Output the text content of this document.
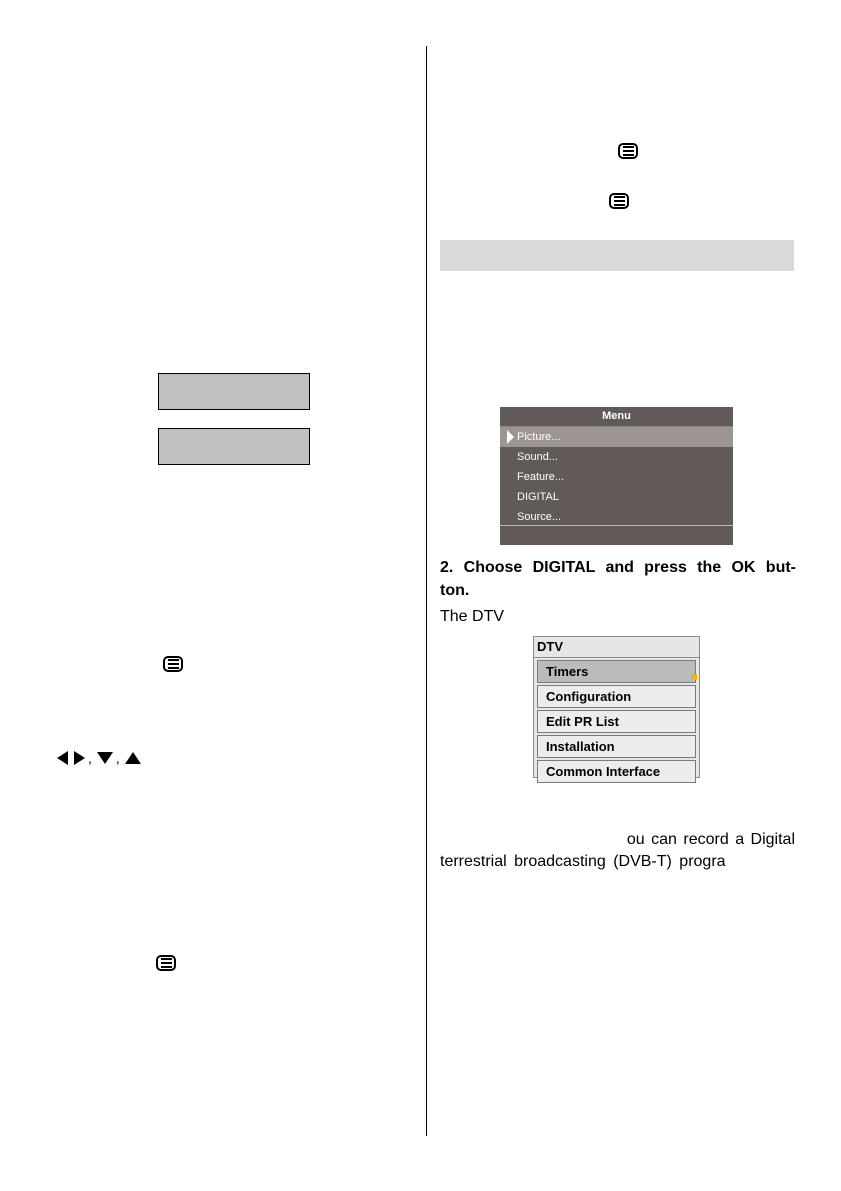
, ,
Menu
Picture...
Sound...
Feature...
DIGITAL
Source...
2. Choose DIGITAL and press the OK but-
ton.
The DTV
DTV
Timers
Configuration
Edit PR List
Installation
Common Interface
ou can record a Digital
terrestrial broadcasting (DVB-T) progra
